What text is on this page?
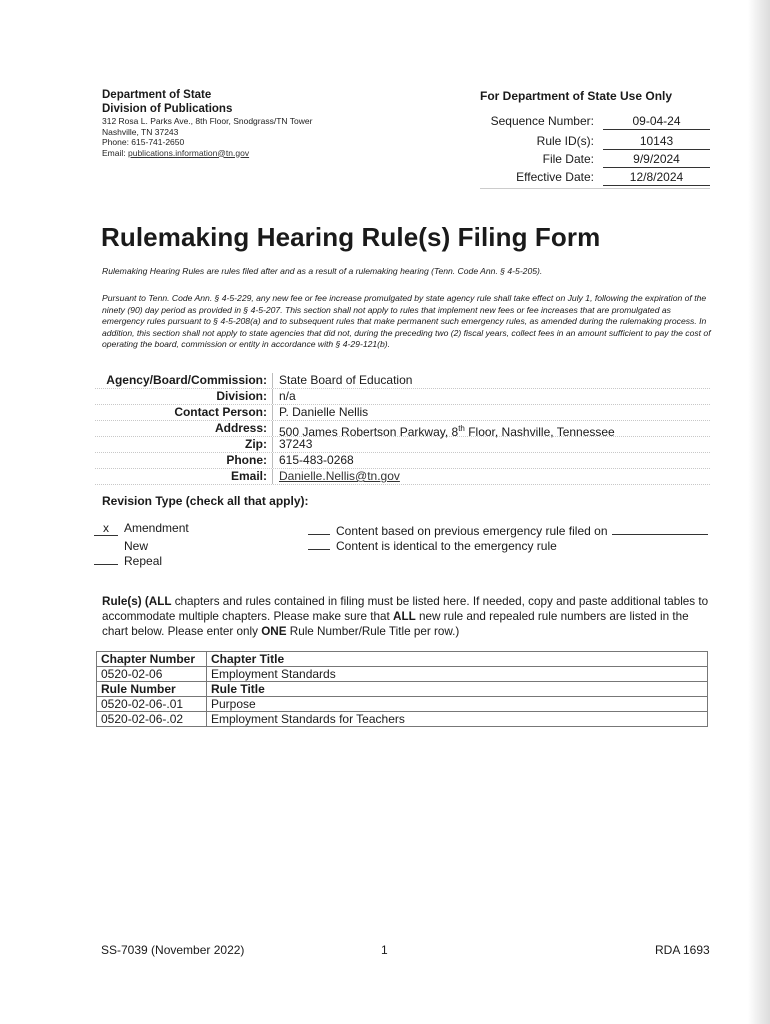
Department of State
Division of Publications
312 Rosa L. Parks Ave., 8th Floor, Snodgrass/TN Tower
Nashville, TN 37243
Phone: 615-741-2650
Email: publications.information@tn.gov
For Department of State Use Only
Sequence Number:	09-04-24
Rule ID(s):	10143
File Date:	9/9/2024
Effective Date:	12/8/2024
Rulemaking Hearing Rule(s) Filing Form
Rulemaking Hearing Rules are rules filed after and as a result of a rulemaking hearing (Tenn. Code Ann. § 4-5-205).
Pursuant to Tenn. Code Ann. § 4-5-229, any new fee or fee increase promulgated by state agency rule shall take effect on July 1, following the expiration of the ninety (90) day period as provided in § 4-5-207. This section shall not apply to rules that implement new fees or fee increases that are promulgated as emergency rules pursuant to § 4-5-208(a) and to subsequent rules that make permanent such emergency rules, as amended during the rulemaking process. In addition, this section shall not apply to state agencies that did not, during the preceding two (2) fiscal years, collect fees in an amount sufficient to pay the cost of operating the board, commission or entity in accordance with § 4-29-121(b).
Agency/Board/Commission:	State Board of Education
Division:	n/a
Contact Person:	P. Danielle Nellis
Address:	500 James Robertson Parkway, 8th Floor, Nashville, Tennessee
Zip:	37243
Phone:	615-483-0268
Email:	Danielle.Nellis@tn.gov
Revision Type (check all that apply):
x Amendment
New
Repeal
Content based on previous emergency rule filed on
Content is identical to the emergency rule
Rule(s) (ALL chapters and rules contained in filing must be listed here. If needed, copy and paste additional tables to accommodate multiple chapters. Please make sure that ALL new rule and repealed rule numbers are listed in the chart below. Please enter only ONE Rule Number/Rule Title per row.)
Chapter Number	Chapter Title
0520-02-06	Employment Standards
Rule Number	Rule Title
0520-02-06-.01	Purpose
0520-02-06-.02	Employment Standards for Teachers
SS-7039 (November 2022)	1	RDA 1693
